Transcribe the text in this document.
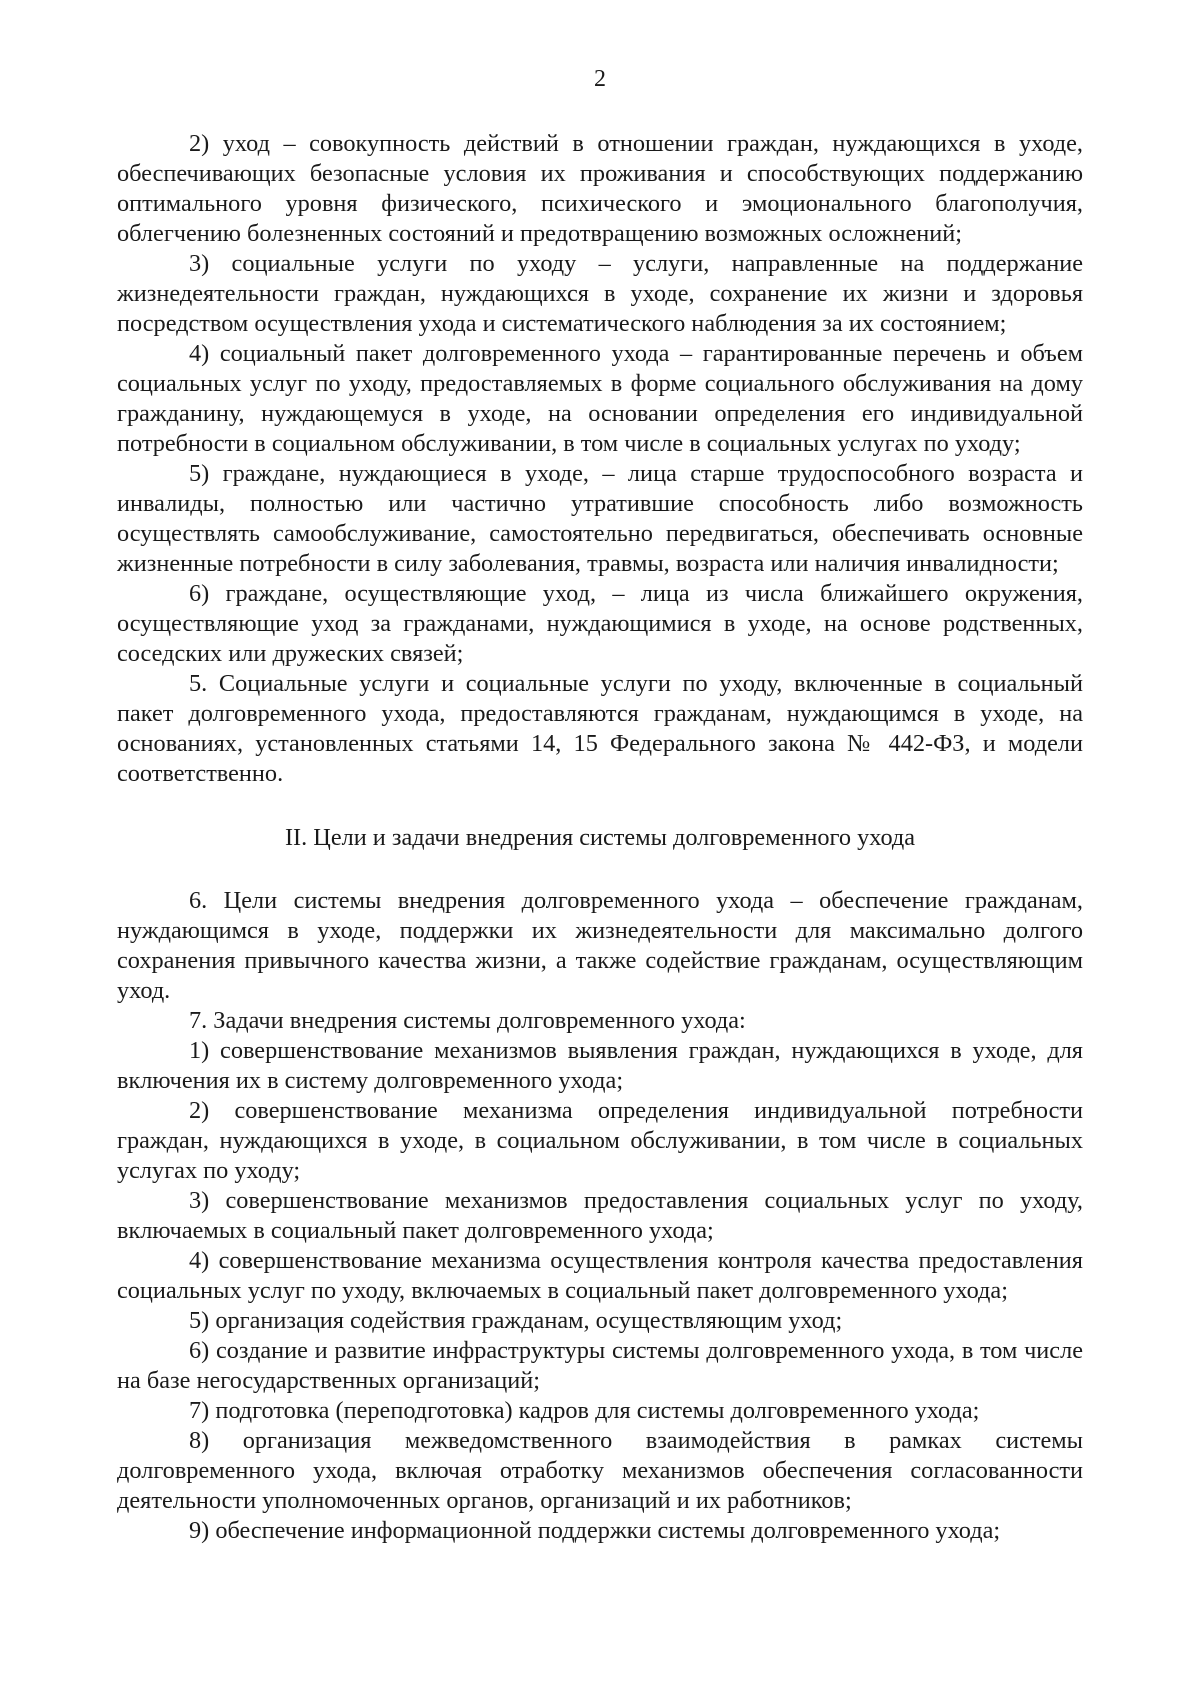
2

2) уход – совокупность действий в отношении граждан, нуждающихся в уходе, обеспечивающих безопасные условия их проживания и способствующих поддержанию оптимального уровня физического, психического и эмоционального благополучия, облегчению болезненных состояний и предотвращению возможных осложнений;

3) социальные услуги по уходу – услуги, направленные на поддержание жизнедеятельности граждан, нуждающихся в уходе, сохранение их жизни и здоровья посредством осуществления ухода и систематического наблюдения за их состоянием;

4) социальный пакет долговременного ухода – гарантированные перечень и объем социальных услуг по уходу, предоставляемых в форме социального обслуживания на дому гражданину, нуждающемуся в уходе, на основании определения его индивидуальной потребности в социальном обслуживании, в том числе в социальных услугах по уходу;

5) граждане, нуждающиеся в уходе, – лица старше трудоспособного возраста и инвалиды, полностью или частично утратившие способность либо возможность осуществлять самообслуживание, самостоятельно передвигаться, обеспечивать основные жизненные потребности в силу заболевания, травмы, возраста или наличия инвалидности;

6) граждане, осуществляющие уход, – лица из числа ближайшего окружения, осуществляющие уход за гражданами, нуждающимися в уходе, на основе родственных, соседских или дружеских связей;

5. Социальные услуги и социальные услуги по уходу, включенные в социальный пакет долговременного ухода, предоставляются гражданам, нуждающимся в уходе, на основаниях, установленных статьями 14, 15 Федерального закона № 442-ФЗ, и модели соответственно.

II. Цели и задачи внедрения системы долговременного ухода

6. Цели системы внедрения долговременного ухода – обеспечение гражданам, нуждающимся в уходе, поддержки их жизнедеятельности для максимально долгого сохранения привычного качества жизни, а также содействие гражданам, осуществляющим уход.

7. Задачи внедрения системы долговременного ухода:

1) совершенствование механизмов выявления граждан, нуждающихся в уходе, для включения их в систему долговременного ухода;

2) совершенствование механизма определения индивидуальной потребности граждан, нуждающихся в уходе, в социальном обслуживании, в том числе в социальных услугах по уходу;

3) совершенствование механизмов предоставления социальных услуг по уходу, включаемых в социальный пакет долговременного ухода;

4) совершенствование механизма осуществления контроля качества предоставления социальных услуг по уходу, включаемых в социальный пакет долговременного ухода;

5) организация содействия гражданам, осуществляющим уход;

6) создание и развитие инфраструктуры системы долговременного ухода, в том числе на базе негосударственных организаций;

7) подготовка (переподготовка) кадров для системы долговременного ухода;

8) организация межведомственного взаимодействия в рамках системы долговременного ухода, включая отработку механизмов обеспечения согласованности деятельности уполномоченных органов, организаций и их работников;

9) обеспечение информационной поддержки системы долговременного ухода;
